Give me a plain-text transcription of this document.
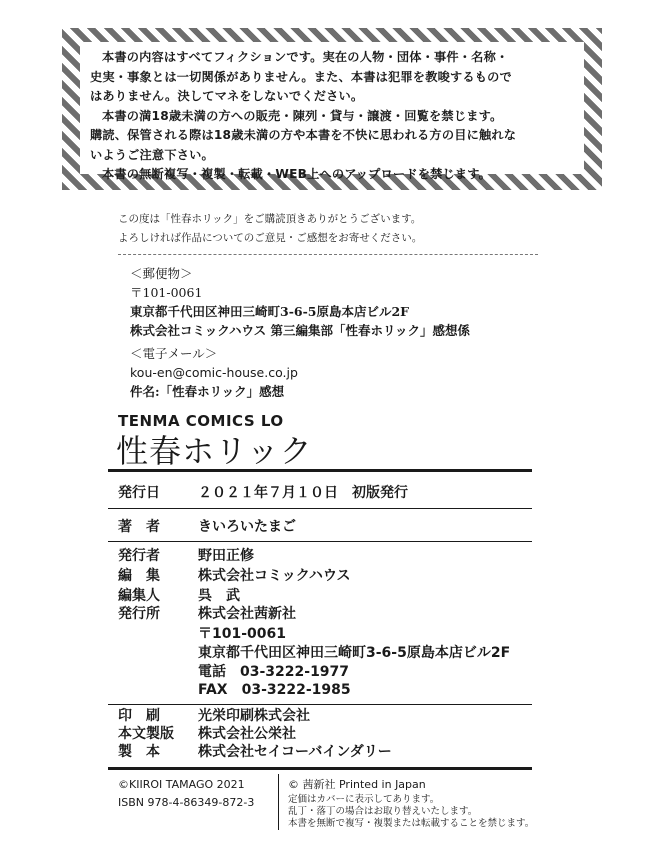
本書の内容はすべてフィクションです。実在の人物・団体・事件・名称・
史実・事象とは一切関係がありません。また、本書は犯罪を教唆するもので
はありません。決してマネをしないでください。
本書の満18歳未満の方への販売・陳列・貸与・譲渡・回覧を禁じます。
購読、保管される際は18歳未満の方や本書を不快に思われる方の目に触れな
いようご注意下さい。
本書の無断複写・複製・転載・WEB上へのアップロードを禁じます。
この度は「性春ホリック」をご購読頂きありがとうございます。
よろしければ作品についてのご意見・ご感想をお寄せください。
＜郵便物＞
〒101-0061
東京都千代田区神田三崎町3-6-5原島本店ビル2F
株式会社コミックハウス 第三編集部「性春ホリック」感想係
＜電子メール＞
kou-en@comic-house.co.jp
件名:「性春ホリック」感想
TENMA COMICS LO
性春ホリック
発行日	２０２１年７月１０日　初版発行
著　者	きいろいたまご
発行者	野田正修
編　集	株式会社コミックハウス
編集人	呉　武
発行所	株式会社茜新社
〒101-0061
東京都千代田区神田三崎町3-6-5原島本店ビル2F
電話　03-3222-1977
FAX　03-3222-1985
印　刷	光栄印刷株式会社
本文製版 株式会社公栄社
製　本	株式会社セイコーバインダリー
©KIIROI TAMAGO 2021
ISBN 978-4-86349-872-3
© 茜新社 Printed in Japan
定価はカバーに表示してあります。
乱丁・落丁の場合はお取り替えいたします。
本書を無断で複写・複製または転載することを禁じます。
